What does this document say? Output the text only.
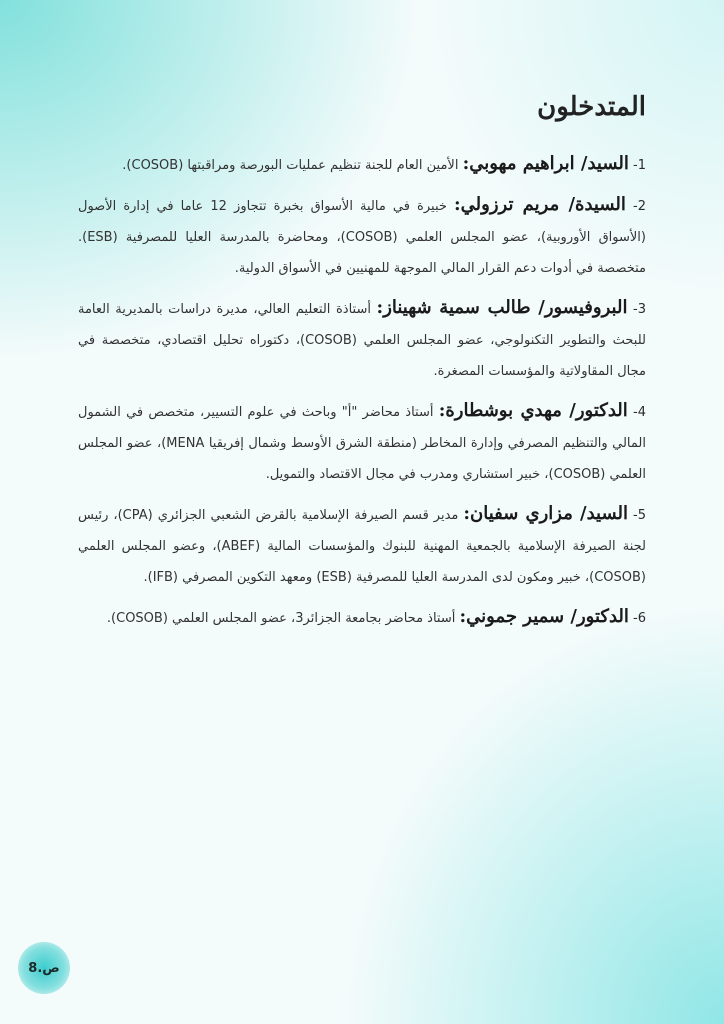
المتدخلون
1- السيد/ ابراهيم مهوبي: الأمين العام للجنة تنظيم عمليات البورصة ومراقبتها (COSOB).
2- السيدة/ مريم ترزولي: خبيرة في مالية الأسواق بخبرة تتجاوز 12 عاما في إدارة الأصول (الأسواق الأوروبية)، عضو المجلس العلمي (COSOB)، ومحاضرة بالمدرسة العليا للمصرفية (ESB). متخصصة في أدوات دعم القرار المالي الموجهة للمهنيين في الأسواق الدولية.
3- البروفيسور/ طالب سمية شهيناز: أستاذة التعليم العالي، مديرة دراسات بالمديرية العامة للبحث والتطوير التكنولوجي، عضو المجلس العلمي (COSOB)، دكتوراه تحليل اقتصادي، متخصصة في مجال المقاولاتية والمؤسسات المصغرة.
4- الدكتور/ مهدي بوشطارة: أستاذ محاضر "أ" وباحث في علوم التسيير، متخصص في الشمول المالي والتنظيم المصرفي وإدارة المخاطر (منطقة الشرق الأوسط وشمال إفريقيا MENA)، عضو المجلس العلمي (COSOB)، خبير استشاري ومدرب في مجال الاقتصاد والتمويل.
5- السيد/ مزاري سفيان: مدير قسم الصيرفة الإسلامية بالقرض الشعبي الجزائري (CPA)، رئيس لجنة الصيرفة الإسلامية بالجمعية المهنية للبنوك والمؤسسات المالية (ABEF)، وعضو المجلس العلمي (COSOB)، خبير ومكون لدى المدرسة العليا للمصرفية (ESB) ومعهد التكوين المصرفي (IFB).
6- الدكتور/ سمير جموني: أستاذ محاضر بجامعة الجزائر3، عضو المجلس العلمي (COSOB).
ص.8
